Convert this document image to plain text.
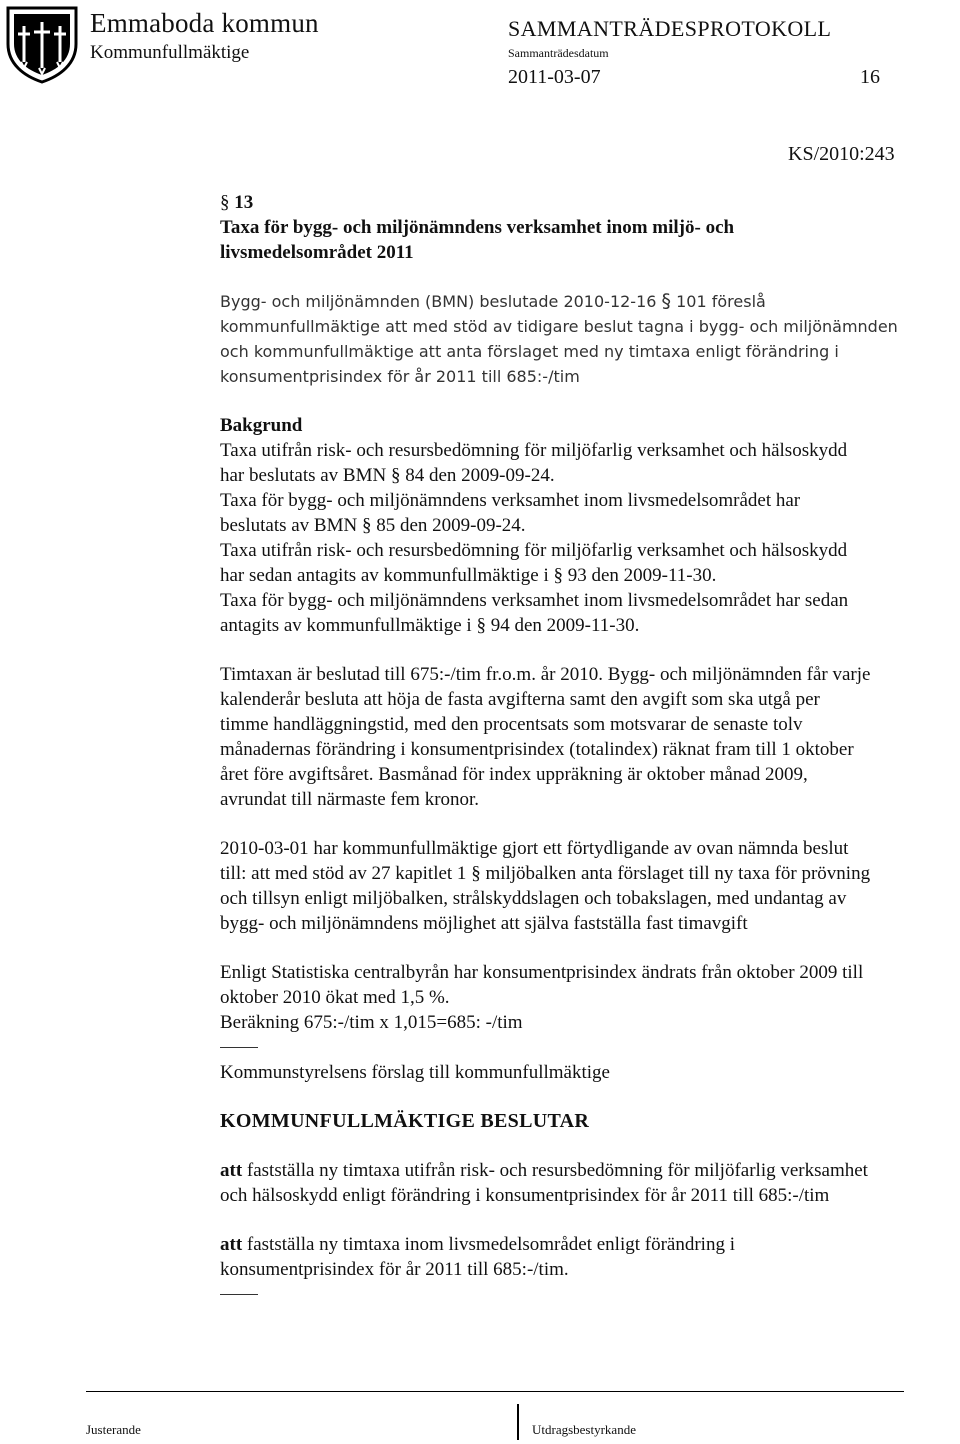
Emmaboda kommun
Kommunfullmäktige
SAMMANTRÄDESPROTOKOLL
Sammanträdesdatum
2011-03-07	16
KS/2010:243

§ 13

Taxa för bygg- och miljönämndens verksamhet inom miljö- och

livsmedelsområdet 2011

Bygg- och miljönämnden (BMN) beslutade 2010-12-16 § 101 föreslå

kommunfullmäktige att med stöd av tidigare beslut tagna i bygg- och miljönämnden

och kommunfullmäktige att anta förslaget med ny timtaxa enligt förändring i

konsumentprisindex för år 2011 till 685:-/tim

Bakgrund

Taxa utifrån risk- och resursbedömning för miljöfarlig verksamhet och hälsoskydd

har beslutats av BMN § 84 den 2009-09-24.

Taxa för bygg- och miljönämndens verksamhet inom livsmedelsområdet har

beslutats av BMN § 85 den 2009-09-24.

Taxa utifrån risk- och resursbedömning för miljöfarlig verksamhet och hälsoskydd

har sedan antagits av kommunfullmäktige i § 93 den 2009-11-30.

Taxa för bygg- och miljönämndens verksamhet inom livsmedelsområdet har sedan

antagits av kommunfullmäktige i § 94 den 2009-11-30.

Timtaxan är beslutad till 675:-/tim fr.o.m. år 2010. Bygg- och miljönämnden får varje

kalenderår besluta att höja de fasta avgifterna samt den avgift som ska utgå per

timme handläggningstid, med den procentsats som motsvarar de senaste tolv

månadernas förändring i konsumentprisindex (totalindex) räknat fram till 1 oktober

året före avgiftsåret. Basmånad för index uppräkning är oktober månad 2009,

avrundat till närmaste fem kronor.

2010-03-01 har kommunfullmäktige gjort ett förtydligande av ovan nämnda beslut

till: att med stöd av 27 kapitlet 1 § miljöbalken anta förslaget till ny taxa för prövning

och tillsyn enligt miljöbalken, strålskyddslagen och tobakslagen, med undantag av

bygg- och miljönämndens möjlighet att själva fastställa fast timavgift

Enligt Statistiska centralbyrån har konsumentprisindex ändrats från oktober 2009 till

oktober 2010 ökat med 1,5 %.

Beräkning 675:-/tim x 1,015=685: -/tim

Kommunstyrelsens förslag till kommunfullmäktige

KOMMUNFULLMÄKTIGE BESLUTAR

att fastställa ny timtaxa utifrån risk- och resursbedömning för miljöfarlig verksamhet

och hälsoskydd enligt förändring i konsumentprisindex för år 2011 till 685:-/tim

att fastställa ny timtaxa inom livsmedelsområdet enligt förändring i

konsumentprisindex för år 2011 till 685:-/tim.

Justerande	Utdragsbestyrkande
